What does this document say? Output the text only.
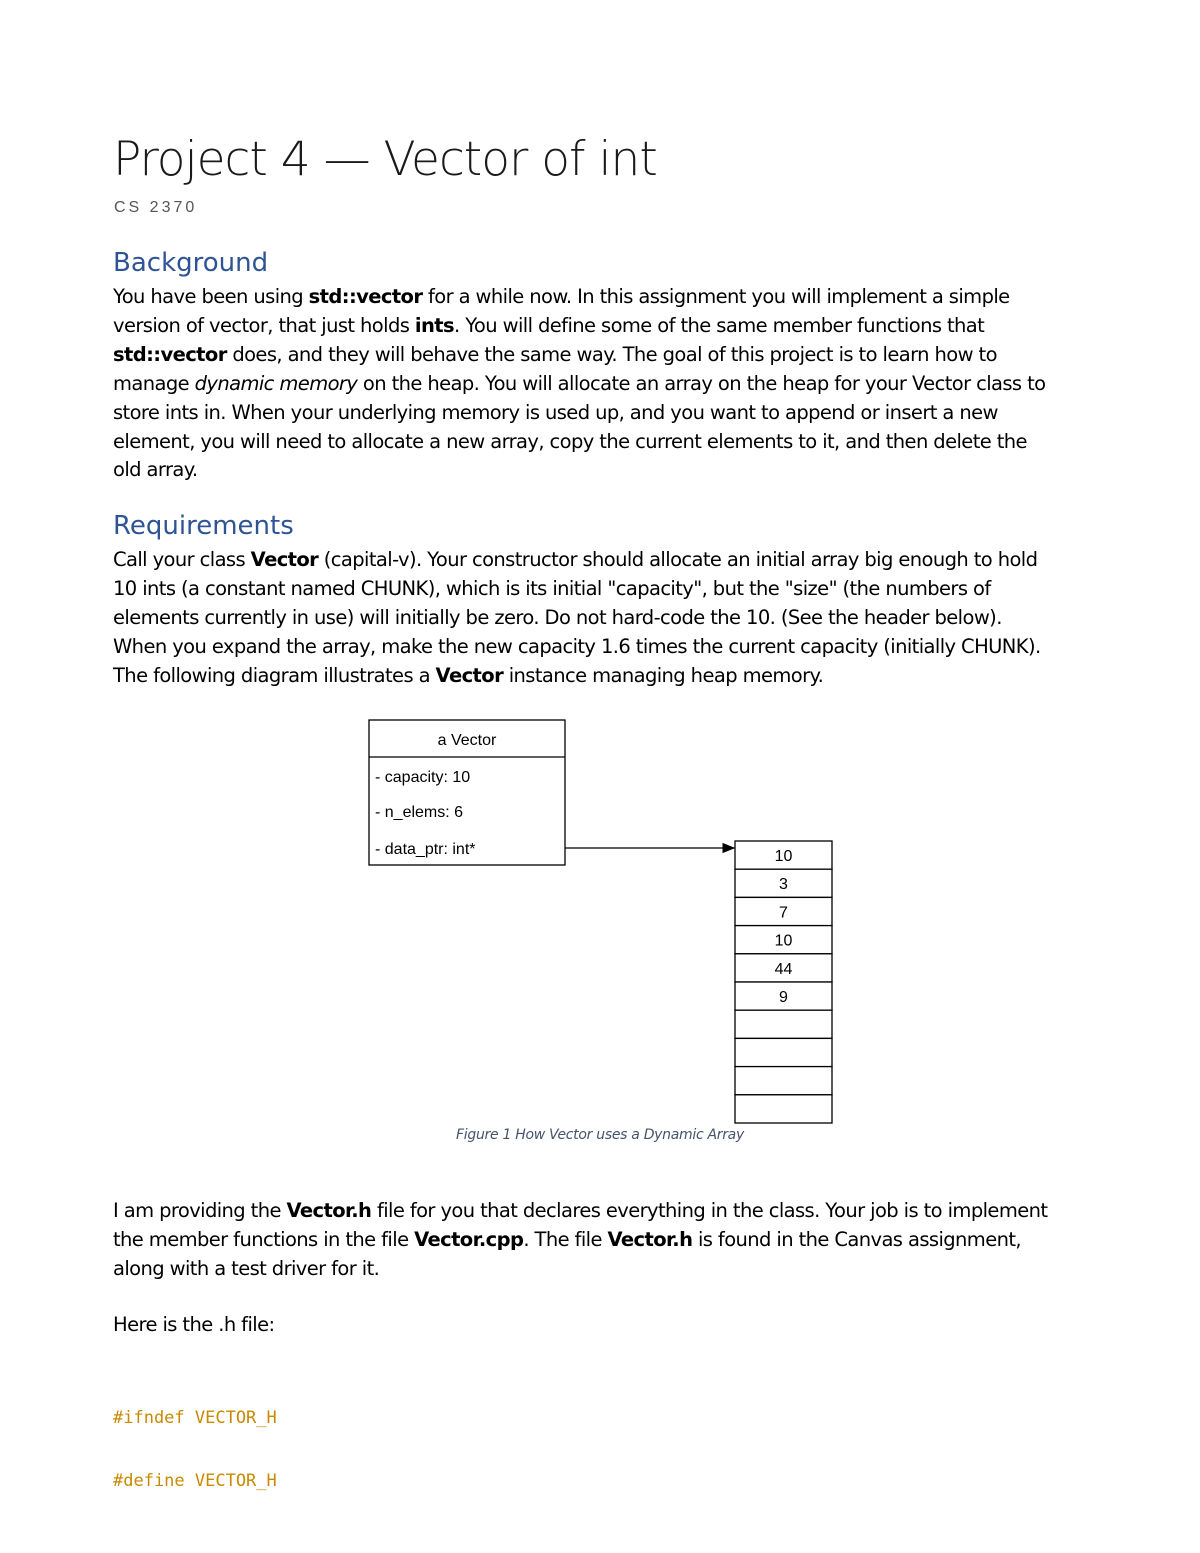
Project 4 — Vector of int
CS 2370
Background
You have been using std::vector for a while now. In this assignment you will implement a simple
version of vector, that just holds ints. You will define some of the same member functions that
std::vector does, and they will behave the same way. The goal of this project is to learn how to
manage dynamic memory on the heap. You will allocate an array on the heap for your Vector class to
store ints in. When your underlying memory is used up, and you want to append or insert a new
element, you will need to allocate a new array, copy the current elements to it, and then delete the
old array.
Requirements
Call your class Vector (capital-v). Your constructor should allocate an initial array big enough to hold
10 ints (a constant named CHUNK), which is its initial "capacity", but the "size" (the numbers of
elements currently in use) will initially be zero. Do not hard-code the 10. (See the header below).
When you expand the array, make the new capacity 1.6 times the current capacity (initially CHUNK).
The following diagram illustrates a Vector instance managing heap memory.
a Vector
- capacity: 10
- n_elems: 6
- data_ptr: int*	10
3
7
10
44
9
Figure 1 How Vector uses a Dynamic Array
I am providing the Vector.h file for you that declares everything in the class. Your job is to implement
the member functions in the file Vector.cpp. The file Vector.h is found in the Canvas assignment,
along with a test driver for it.
Here is the .h file:

#ifndef VECTOR_H

#define VECTOR_H
